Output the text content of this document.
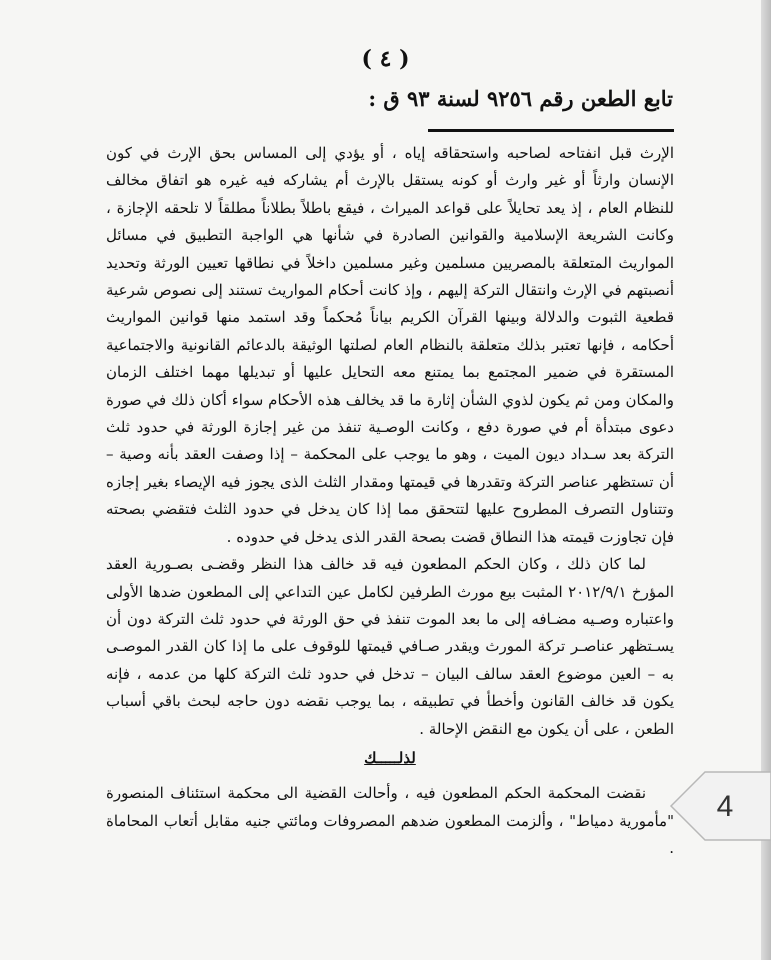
( ٤ )
تابع الطعن رقم ٩٢٥٦ لسنة ٩٣ ق :

الإرث قبل انفتاحه لصاحبه واستحقاقه إياه ، أو يؤدي إلى المساس بحق الإرث في كون الإنسان وارثاً أو غير وارث أو كونه يستقل بالإرث أم يشاركه فيه غيره هو اتفاق مخالف للنظام العام ، إذ يعد تحايلاً على قواعد الميراث ، فيقع باطلاً بطلاناً مطلقاً لا تلحقه الإجازة ، وكانت الشريعة الإسلامية والقوانين الصادرة في شأنها هي الواجبة التطبيق في مسائل المواريث المتعلقة بالمصريين مسلمين وغير مسلمين داخلاً في نطاقها تعيين الورثة وتحديد أنصبتهم في الإرث وانتقال التركة إليهم ، وإذ كانت أحكام المواريث تستند إلى نصوص شرعية قطعية الثبوت والدلالة وبينها القرآن الكريم بياناً مُحكماً وقد استمد منها قوانين المواريث أحكامه ، فإنها تعتبر بذلك متعلقة بالنظام العام لصلتها الوثيقة بالدعائم القانونية والاجتماعية المستقرة في ضمير المجتمع بما يمتنع معه التحايل عليها أو تبديلها مهما اختلف الزمان والمكان ومن ثم يكون لذوي الشأن إثارة ما قد يخالف هذه الأحكام سواء أكان ذلك في صورة دعوى مبتدأة أم في صورة دفع ، وكانت الوصـية تنفذ من غير إجازة الورثة في حدود ثلث التركة بعد سـداد ديون الميت ، وهو ما يوجب على المحكمة – إذا وصفت العقد بأنه وصية – أن تستظهر عناصر التركة وتقدرها في قيمتها ومقدار الثلث الذى يجوز فيه الإيصاء بغير إجازه وتتناول التصرف المطروح عليها لتتحقق مما إذا كان يدخل في حدود الثلث فتقضي بصحته فإن تجاوزت قيمته هذا النطاق قضت بصحة القدر الذى يدخل في حدوده .

لما كان ذلك ، وكان الحكم المطعون فيه قد خالف هذا النظر وقضـى بصـورية العقد المؤرخ ٢٠١٢/٩/١ المثبت بيع مورث الطرفين لكامل عين التداعي إلى المطعون ضدها الأولى واعتباره وصـيه مضـافه إلى ما بعد الموت تنفذ في حق الورثة في حدود ثلث التركة دون أن يسـتظهر عناصـر تركة المورث ويقدر صـافي قيمتها للوقوف على ما إذا كان القدر الموصـى به – العين موضوع العقد سالف البيان – تدخل في حدود ثلث التركة كلها من عدمه ، فإنه يكون قد خالف القانون وأخطأ في تطبيقه ، بما يوجب نقضه دون حاجه لبحث باقي أسباب الطعن ، على أن يكون مع النقض الإحالة .

لذلـــــك

نقضت المحكمة الحكم المطعون فيه ، وأحالت القضية الى محكمة استئناف المنصورة "مأمورية دمياط" ، وألزمت المطعون ضدهم المصروفات ومائتي جنيه مقابل أتعاب المحاماة .

4
